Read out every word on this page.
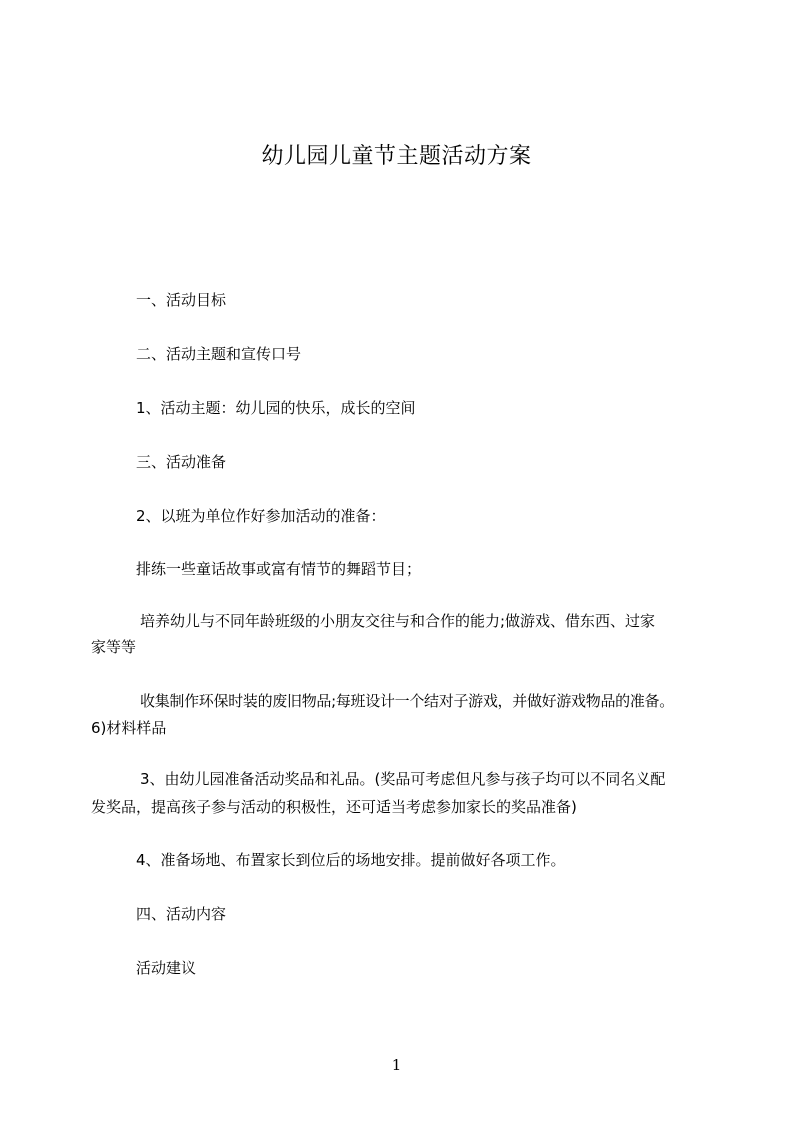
幼儿园儿童节主题活动方案
一、活动目标
二、活动主题和宣传口号
1、活动主题：幼儿园的快乐，成长的空间
三、活动准备
2、以班为单位作好参加活动的准备：
排练一些童话故事或富有情节的舞蹈节目；
培养幼儿与不同年龄班级的小朋友交往与和合作的能力;做游戏、借东西、过家
家等等
收集制作环保时装的废旧物品;每班设计一个结对子游戏，并做好游戏物品的准备。
6)材料样品
3、由幼儿园准备活动奖品和礼品。(奖品可考虑但凡参与孩子均可以不同名义配
发奖品，提高孩子参与活动的积极性，还可适当考虑参加家长的奖品准备)
4、准备场地、布置家长到位后的场地安排。提前做好各项工作。
四、活动内容
活动建议
1
